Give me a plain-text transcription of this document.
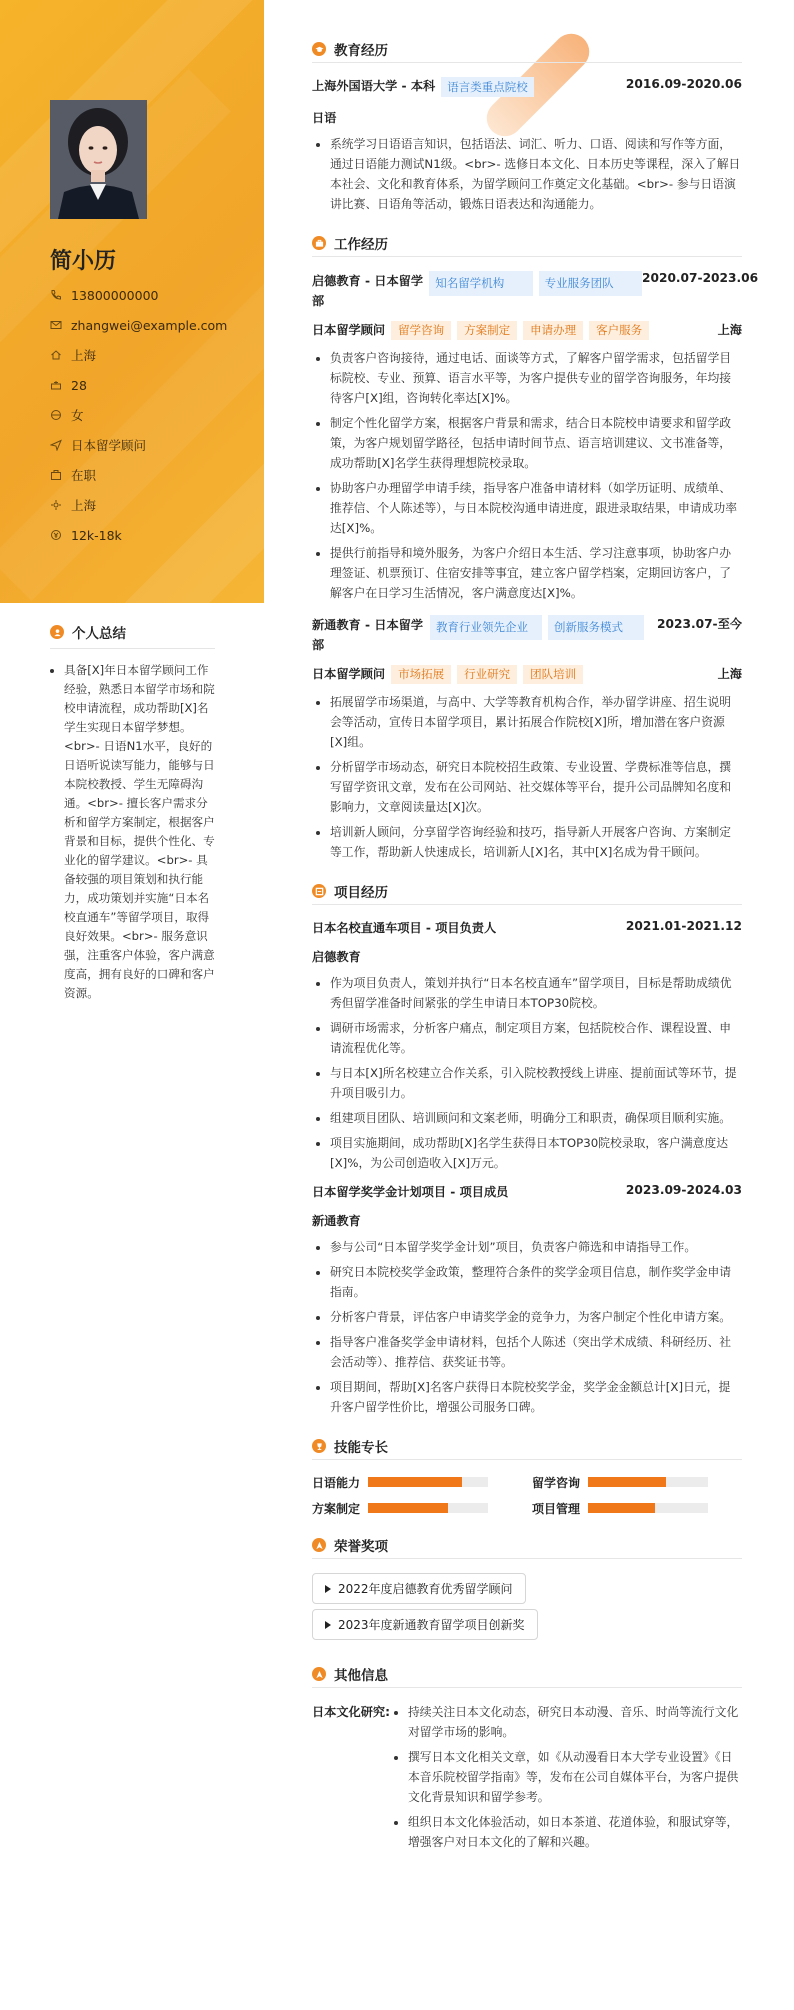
简小历
13800000000
zhangwei@example.com
上海
28
女
日本留学顾问
在职
上海
12k-18k
个人总结
• 具备[X]年日本留学顾问工作经验，熟悉日本留学市场和院校申请流程，成功帮助[X]名学生实现日本留学梦想。<br>- 日语N1水平，良好的日语听说读写能力，能够与日本院校教授、学生无障碍沟通。<br>- 擅长客户需求分析和留学方案制定，根据客户背景和目标，提供个性化、专业化的留学建议。<br>- 具备较强的项目策划和执行能力，成功策划并实施“日本名校直通车”等留学项目，取得良好效果。<br>- 服务意识强，注重客户体验，客户满意度高，拥有良好的口碑和客户资源。
教育经历
上海外国语大学 - 本科	语言类重点院校	2016.09-2020.06
日语
• 系统学习日语语言知识，包括语法、词汇、听力、口语、阅读和写作等方面，通过日语能力测试N1级。<br>- 选修日本文化、日本历史等课程，深入了解日本社会、文化和教育体系，为留学顾问工作奠定文化基础。<br>- 参与日语演讲比赛、日语角等活动，锻炼日语表达和沟通能力。
工作经历
启德教育 - 日本留学部
知名留学机构	专业服务团队	2020.07-2023.06
日本留学顾问	留学咨询	方案制定	申请办理	客户服务	上海
• 负责客户咨询接待，通过电话、面谈等方式，了解客户留学需求，包括留学目标院校、专业、预算、语言水平等，为客户提供专业的留学咨询服务，年均接待客户[X]组，咨询转化率达[X]%。
• 制定个性化留学方案，根据客户背景和需求，结合日本院校申请要求和留学政策，为客户规划留学路径，包括申请时间节点、语言培训建议、文书准备等，成功帮助[X]名学生获得理想院校录取。
• 协助客户办理留学申请手续，指导客户准备申请材料（如学历证明、成绩单、推荐信、个人陈述等），与日本院校沟通申请进度，跟进录取结果，申请成功率达[X]%。
• 提供行前指导和境外服务，为客户介绍日本生活、学习注意事项，协助客户办理签证、机票预订、住宿安排等事宜，建立客户留学档案，定期回访客户，了解客户在日学习生活情况，客户满意度达[X]%。
新通教育 - 日本留学部
教育行业领先企业	创新服务模式	2023.07-至今
日本留学顾问	市场拓展	行业研究	团队培训	上海
• 拓展留学市场渠道，与高中、大学等教育机构合作，举办留学讲座、招生说明会等活动，宣传日本留学项目，累计拓展合作院校[X]所，增加潜在客户资源[X]组。
• 分析留学市场动态，研究日本院校招生政策、专业设置、学费标准等信息，撰写留学资讯文章，发布在公司网站、社交媒体等平台，提升公司品牌知名度和影响力，文章阅读量达[X]次。
• 培训新人顾问，分享留学咨询经验和技巧，指导新人开展客户咨询、方案制定等工作，帮助新人快速成长，培训新人[X]名，其中[X]名成为骨干顾问。
项目经历
日本名校直通车项目 - 项目负责人	2021.01-2021.12
启德教育
• 作为项目负责人，策划并执行“日本名校直通车”留学项目，目标是帮助成绩优秀但留学准备时间紧张的学生申请日本TOP30院校。
• 调研市场需求，分析客户痛点，制定项目方案，包括院校合作、课程设置、申请流程优化等。
• 与日本[X]所名校建立合作关系，引入院校教授线上讲座、提前面试等环节，提升项目吸引力。
• 组建项目团队、培训顾问和文案老师，明确分工和职责，确保项目顺利实施。
• 项目实施期间，成功帮助[X]名学生获得日本TOP30院校录取，客户满意度达[X]%，为公司创造收入[X]万元。
日本留学奖学金计划项目 - 项目成员	2023.09-2024.03
新通教育
• 参与公司“日本留学奖学金计划”项目，负责客户筛选和申请指导工作。
• 研究日本院校奖学金政策，整理符合条件的奖学金项目信息，制作奖学金申请指南。
• 分析客户背景，评估客户申请奖学金的竞争力，为客户制定个性化申请方案。
• 指导客户准备奖学金申请材料，包括个人陈述（突出学术成绩、科研经历、社会活动等）、推荐信、获奖证书等。
• 项目期间，帮助[X]名客户获得日本院校奖学金，奖学金金额总计[X]日元，提升客户留学性价比，增强公司服务口碑。
技能专长
日语能力	留学咨询
方案制定	项目管理
荣誉奖项
2022年度启德教育优秀留学顾问
2023年度新通教育留学项目创新奖
其他信息
日本文化研究:
• 持续关注日本文化动态，研究日本动漫、音乐、时尚等流行文化对留学市场的影响。
• 撰写日本文化相关文章，如《从动漫看日本大学专业设置》《日本音乐院校留学指南》等，发布在公司自媒体平台，为客户提供文化背景知识和留学参考。
• 组织日本文化体验活动，如日本茶道、花道体验，和服试穿等，增强客户对日本文化的了解和兴趣。
